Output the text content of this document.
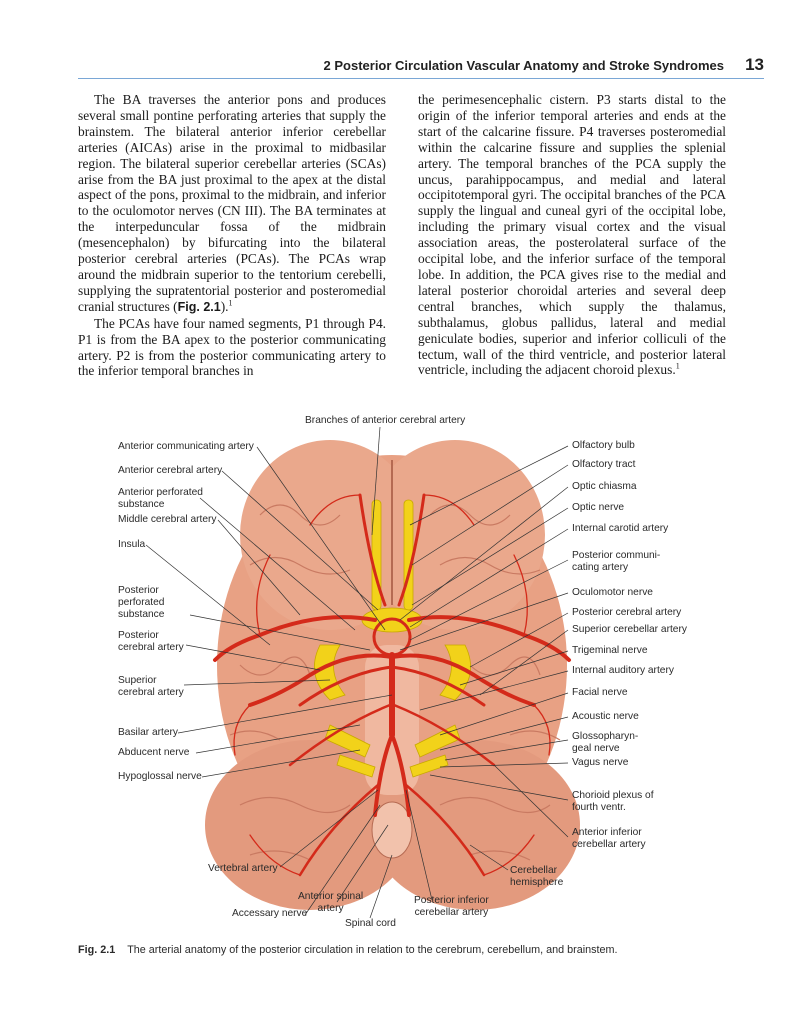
2 Posterior Circulation Vascular Anatomy and Stroke Syndromes 13

The BA traverses the anterior pons and produces several small pontine perforating arteries that supply the brainstem. The bilateral anterior inferior cerebellar arteries (AICAs) arise in the proximal to midbasilar region. The bilateral superior cerebellar arteries (SCAs) arise from the BA just proximal to the apex at the distal aspect of the pons, proximal to the midbrain, and inferior to the oculomotor nerves (CN III). The BA terminates at the interpeduncular fossa of the midbrain (mesencephalon) by bifurcating into the bilateral posterior cerebral arteries (PCAs). The PCAs wrap around the midbrain superior to the tentorium cerebelli, supplying the supratentorial posterior and posteromedial cranial structures (Fig. 2.1).$^1$

The PCAs have four named segments, P1 through P4. P1 is from the BA apex to the posterior communicating artery. P2 is from the posterior communicating artery to the inferior temporal branches in

the perimesencephalic cistern. P3 starts distal to the origin of the inferior temporal arteries and ends at the start of the calcarine fissure. P4 traverses posteromedial within the calcarine fissure and supplies the splenial artery. The temporal branches of the PCA supply the uncus, parahippocampus, and medial and lateral occipitotemporal gyri. The occipital branches of the PCA supply the lingual and cuneal gyri of the occipital lobe, including the primary visual cortex and the visual association areas, the posterolateral surface of the occipital lobe, and the inferior surface of the temporal lobe. In addition, the PCA gives rise to the medial and lateral posterior choroidal arteries and several deep central branches, which supply the thalamus, subthalamus, globus pallidus, lateral and medial geniculate bodies, superior and inferior colliculi of the tectum, wall of the third ventricle, and posterior lateral ventricle, including the adjacent choroid plexus.$^1$

Branches of anterior cerebral artery
Anterior communicating artery
Anterior cerebral artery
Anterior perforated
substance
Middle cerebral artery
Insula
Posterior
perforated
substance
Posterior
cerebral artery
Superior
cerebral artery
Basilar artery
Abducent nerve
Hypoglossal nerve
Olfactory bulb
Olfactory tract
Optic chiasma
Optic nerve
Internal carotid artery
Posterior communi-
cating artery
Oculomotor nerve
Posterior cerebral artery
Superior cerebellar artery
Trigeminal nerve
Internal auditory artery
Facial nerve
Acoustic nerve
Glossopharyn-
geal nerve
Vagus nerve
Chorioid plexus of
fourth ventr.
Anterior inferior
cerebellar artery
Vertebral artery
Accessary nerve
Anterior spinal
artery
Spinal cord
Posterior inferior
cerebellar artery
Cerebellar
hemisphere
Fig. 2.1 The arterial anatomy of the posterior circulation in relation to the cerebrum, cerebellum, and brainstem.
